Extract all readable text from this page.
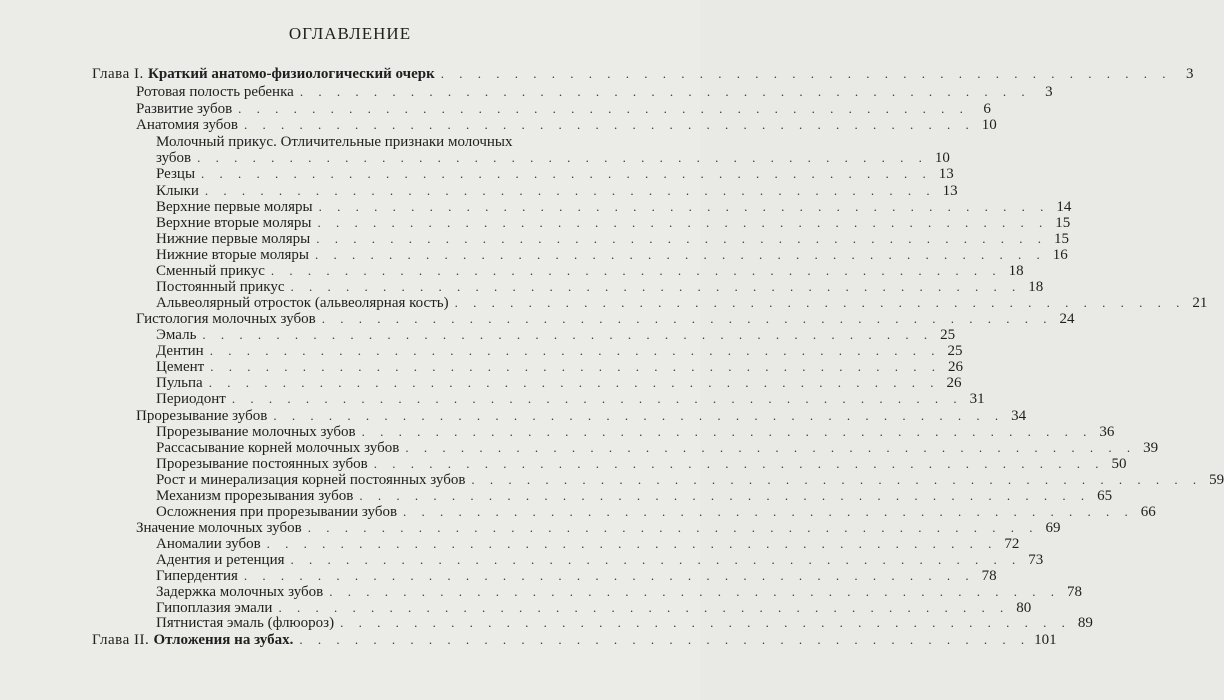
ОГЛАВЛЕНИЕ
Глава I. Краткий анатомо-физиологический очерк . . . . . . . . . . . . . . . . . . . . . . . . . . . . . . . . . . . . . . . . 3
Ротовая полость ребенка . . . . . . . . . . . . . . . . . . . . . . . . . . . . . . . . . . . . . . . . 3
Развитие зубов . . . . . . . . . . . . . . . . . . . . . . . . . . . . . . . . . . . . . . . . 6
Анатомия зубов . . . . . . . . . . . . . . . . . . . . . . . . . . . . . . . . . . . . . . . . 10
Молочный прикус. Отличительные признаки молочных
зубов . . . . . . . . . . . . . . . . . . . . . . . . . . . . . . . . . . . . . . . . 10
Резцы . . . . . . . . . . . . . . . . . . . . . . . . . . . . . . . . . . . . . . . . 13
Клыки . . . . . . . . . . . . . . . . . . . . . . . . . . . . . . . . . . . . . . . . 13
Верхние первые моляры . . . . . . . . . . . . . . . . . . . . . . . . . . . . . . . . . . . . . . . . 14
Верхние вторые моляры . . . . . . . . . . . . . . . . . . . . . . . . . . . . . . . . . . . . . . . . 15
Нижние первые моляры . . . . . . . . . . . . . . . . . . . . . . . . . . . . . . . . . . . . . . . . 15
Нижние вторые моляры . . . . . . . . . . . . . . . . . . . . . . . . . . . . . . . . . . . . . . . . 16
Сменный прикус . . . . . . . . . . . . . . . . . . . . . . . . . . . . . . . . . . . . . . . . 18
Постоянный прикус . . . . . . . . . . . . . . . . . . . . . . . . . . . . . . . . . . . . . . . . 18
Альвеолярный отросток (альвеолярная кость) . . . . . . . . . . . . . . . . . . . . . . . . . . . . . . . . . . . . . . . . 21
Гистология молочных зубов . . . . . . . . . . . . . . . . . . . . . . . . . . . . . . . . . . . . . . . . 24
Эмаль . . . . . . . . . . . . . . . . . . . . . . . . . . . . . . . . . . . . . . . . 25
Дентин . . . . . . . . . . . . . . . . . . . . . . . . . . . . . . . . . . . . . . . . 25
Цемент . . . . . . . . . . . . . . . . . . . . . . . . . . . . . . . . . . . . . . . . 26
Пульпа . . . . . . . . . . . . . . . . . . . . . . . . . . . . . . . . . . . . . . . . 26
Периодонт . . . . . . . . . . . . . . . . . . . . . . . . . . . . . . . . . . . . . . . . 31
Прорезывание зубов . . . . . . . . . . . . . . . . . . . . . . . . . . . . . . . . . . . . . . . . 34
Прорезывание молочных зубов . . . . . . . . . . . . . . . . . . . . . . . . . . . . . . . . . . . . . . . . 36
Рассасывание корней молочных зубов . . . . . . . . . . . . . . . . . . . . . . . . . . . . . . . . . . . . . . . . 39
Прорезывание постоянных зубов . . . . . . . . . . . . . . . . . . . . . . . . . . . . . . . . . . . . . . . . 50
Рост и минерализация корней постоянных зубов . . . . . . . . . . . . . . . . . . . . . . . . . . . . . . . . . . . . . . . . 59
Механизм прорезывания зубов . . . . . . . . . . . . . . . . . . . . . . . . . . . . . . . . . . . . . . . . 65
Осложнения при прорезывании зубов . . . . . . . . . . . . . . . . . . . . . . . . . . . . . . . . . . . . . . . . 66
Значение молочных зубов . . . . . . . . . . . . . . . . . . . . . . . . . . . . . . . . . . . . . . . . 69
Аномалии зубов . . . . . . . . . . . . . . . . . . . . . . . . . . . . . . . . . . . . . . . . 72
Адентия и ретенция . . . . . . . . . . . . . . . . . . . . . . . . . . . . . . . . . . . . . . . . 73
Гипердентия . . . . . . . . . . . . . . . . . . . . . . . . . . . . . . . . . . . . . . . . 78
Задержка молочных зубов . . . . . . . . . . . . . . . . . . . . . . . . . . . . . . . . . . . . . . . . 78
Гипоплазия эмали . . . . . . . . . . . . . . . . . . . . . . . . . . . . . . . . . . . . . . . . 80
Пятнистая эмаль (флюороз) . . . . . . . . . . . . . . . . . . . . . . . . . . . . . . . . . . . . . . . . 89
Глава II. Отложения на зубах. . . . . . . . . . . . . . . . . . . . . . . . . . . . . . . . . . . . . . . . . 101
